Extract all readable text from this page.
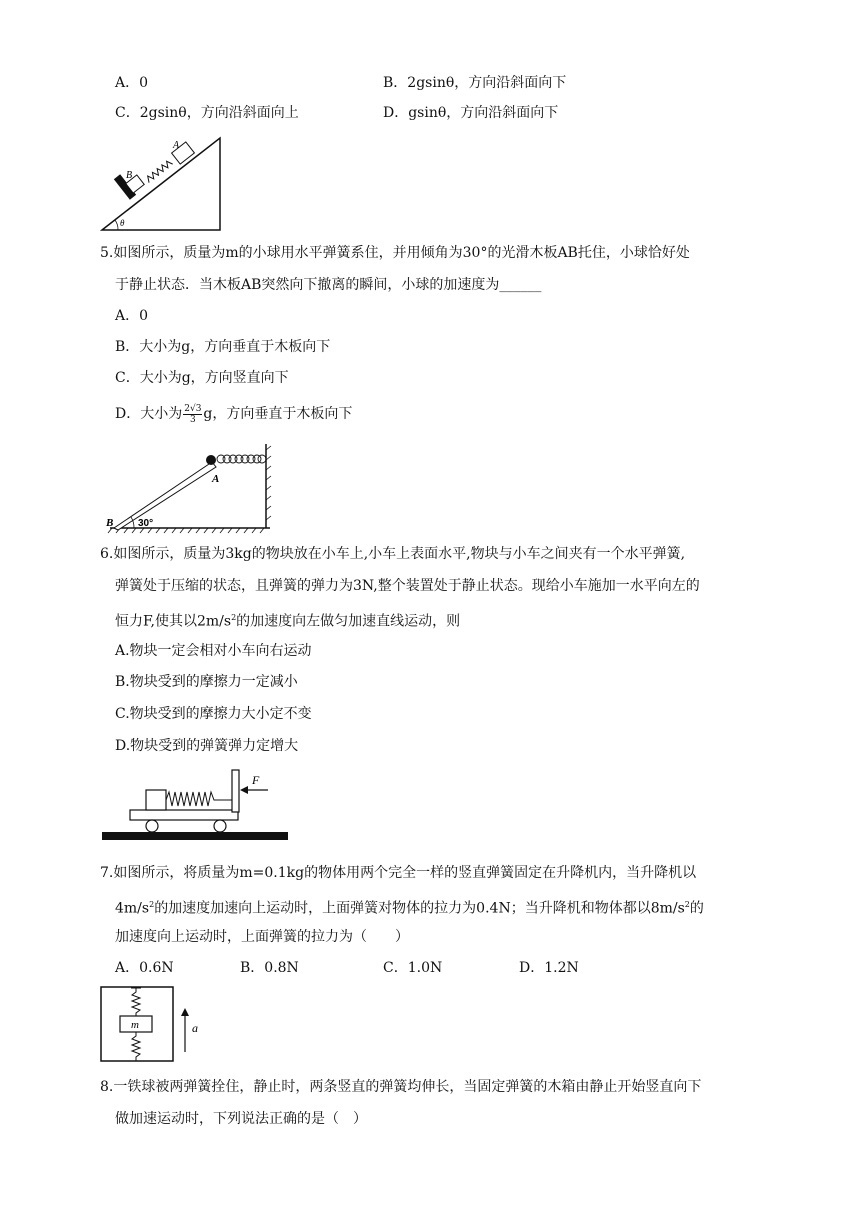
A．0	B．2gsinθ，方向沿斜面向下
C．2gsinθ，方向沿斜面向上	D．gsinθ，方向沿斜面向下
B
A
θ
5.如图所示，质量为m的小球用水平弹簧系住，并用倾角为30°的光滑木板AB托住，小球恰好处
于静止状态．当木板AB突然向下撤离的瞬间，小球的加速度为______
A．0
B．大小为g，方向垂直于木板向下
C．大小为g，方向竖直向下
D．大小为 $\frac{2√3}{3}$ g，方向垂直于木板向下
B
A
30°
6.如图所示，质量为3kg的物块放在小车上,小车上表面水平,物块与小车之间夹有一个水平弹簧,
弹簧处于压缩的状态，且弹簧的弹力为3N,整个装置处于静止状态。现给小车施加一水平向左的
恒力F,使其以$2m/s^2$的加速度向左做匀加速直线运动，则
A.物块一定会相对小车向右运动
B.物块受到的摩擦力一定减小
C.物块受到的摩擦力大小定不变
D.物块受到的弹簧弹力定增大
F
7.如图所示，将质量为m=0.1kg的物体用两个完全一样的竖直弹簧固定在升降机内，当升降机以
$4m/s^2$的加速度加速向上运动时，上面弹簧对物体的拉力为0.4N；当升降机和物体都以$8m/s^2$的
加速度向上运动时，上面弹簧的拉力为（　　）
A．0.6N	B．0.8N	C．1.0N	D．1.2N
m	a
8.一铁球被两弹簧拴住，静止时，两条竖直的弹簧均伸长，当固定弹簧的木箱由静止开始竖直向下
做加速运动时，下列说法正确的是（　）
